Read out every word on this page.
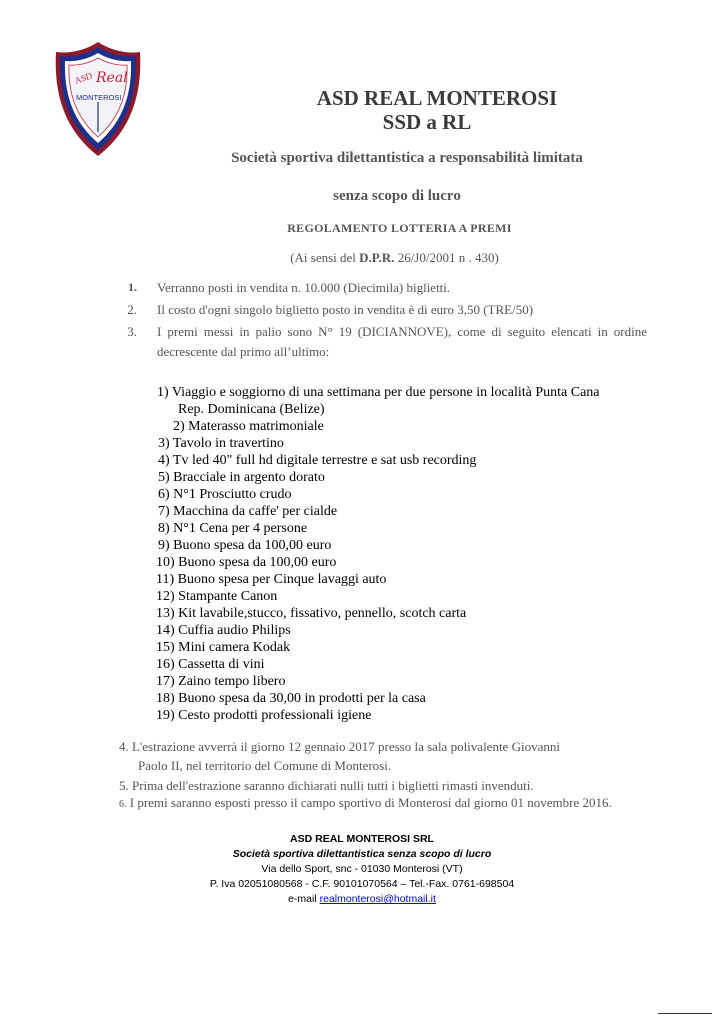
ASD Real
MONTEROSI	ASD REAL MONTEROSI
SSD a RL
Società sportiva dilettantistica a responsabilità limitata
senza scopo di lucro
REGOLAMENTO LOTTERIA A PREMI
(Ai sensi del D.P.R. 26/J0/2001 n . 430)
1. Verranno posti in vendita n. 10.000 (Diecimila) biglietti.
2. Il costo d'ogni singolo biglietto posto in vendita è di euro 3,50 (TRE/50)
3. I premi messi in palio sono N° 19 (DICIANNOVE), come di seguito elencati in ordine decrescente dal primo all’ultimo:
1) Viaggio e soggiorno di una settimana per due persone in località Punta Cana
Rep. Dominicana (Belize)
2) Materasso matrimoniale
3) Tavolo in travertino
4) Tv led 40" full hd digitale terrestre e sat usb recording
5) Bracciale in argento dorato
6) N°1 Prosciutto crudo
7) Macchina da caffe' per cialde
8) N°1 Cena per 4 persone
9) Buono spesa da 100,00 euro
10) Buono spesa da 100,00 euro
11) Buono spesa per Cinque lavaggi auto
12) Stampante Canon
13) Kit lavabile,stucco, fissativo, pennello, scotch carta
14) Cuffia audio Philips
15) Mini camera Kodak
16) Cassetta di vini
17) Zaino tempo libero
18) Buono spesa da 30,00 in prodotti per la casa
19) Cesto prodotti professionali igiene
4. L'estrazione avverrà il giorno 12 gennaio 2017 presso la sala polivalente Giovanni
Paolo II, nel territorio del Comune di Monterosi.
5. Prima dell'estrazione saranno dichiarati nulli tutti i biglietti rimasti invenduti.
6. I premi saranno esposti presso il campo sportivo di Monterosi dal giorno 01 novembre 2016.
ASD REAL MONTEROSI SRL
Società sportiva dilettantistica senza scopo di lucro
Via dello Sport, snc - 01030 Monterosi (VT)
P. Iva 02051080568 - C.F. 90101070564 – Tel.-Fax. 0761-698504
e-mail realmonterosi@hotmail.it
